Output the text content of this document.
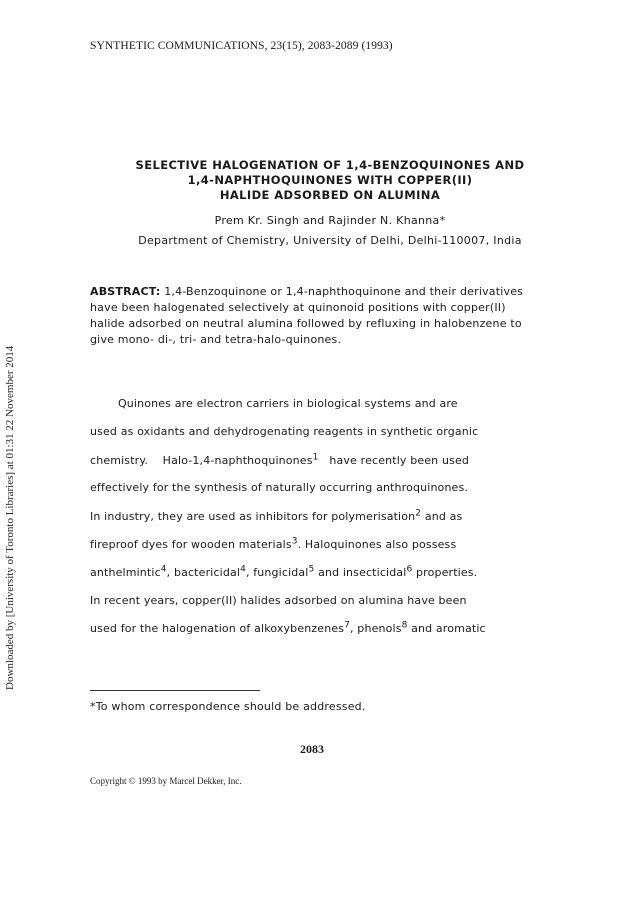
SYNTHETIC COMMUNICATIONS, 23(15), 2083-2089 (1993)
Downloaded by [University of Toronto Libraries] at 01:31 22 November 2014
SELECTIVE HALOGENATION OF 1,4-BENZOQUINONES AND
1,4-NAPHTHOQUINONES WITH COPPER(II)
HALIDE ADSORBED ON ALUMINA
Prem Kr. Singh and Rajinder N. Khanna*
Department of Chemistry, University of Delhi, Delhi-110007, India
ABSTRACT: 1,4-Benzoquinone or 1,4-naphthoquinone and their derivatives have been halogenated selectively at quinonoid positions with copper(II) halide adsorbed on neutral alumina followed by refluxing in halobenzene to give mono- di-, tri- and tetra-halo-quinones.
Quinones are electron carriers in biological systems and are
used as oxidants and dehydrogenating reagents in synthetic organic
chemistry. Halo-1,4-naphthoquinones$^1$ have recently been used
effectively for the synthesis of naturally occurring anthroquinones.
In industry, they are used as inhibitors for polymerisation$^2$ and as
fireproof dyes for wooden materials$^3$. Haloquinones also possess
anthelmintic$^4$, bactericidal$^4$, fungicidal$^5$ and insecticidal$^6$ properties.
In recent years, copper(II) halides adsorbed on alumina have been
used for the halogenation of alkoxybenzenes$^7$, phenols$^8$ and aromatic
*To whom correspondence should be addressed.
2083
Copyright © 1993 by Marcel Dekker, Inc.
